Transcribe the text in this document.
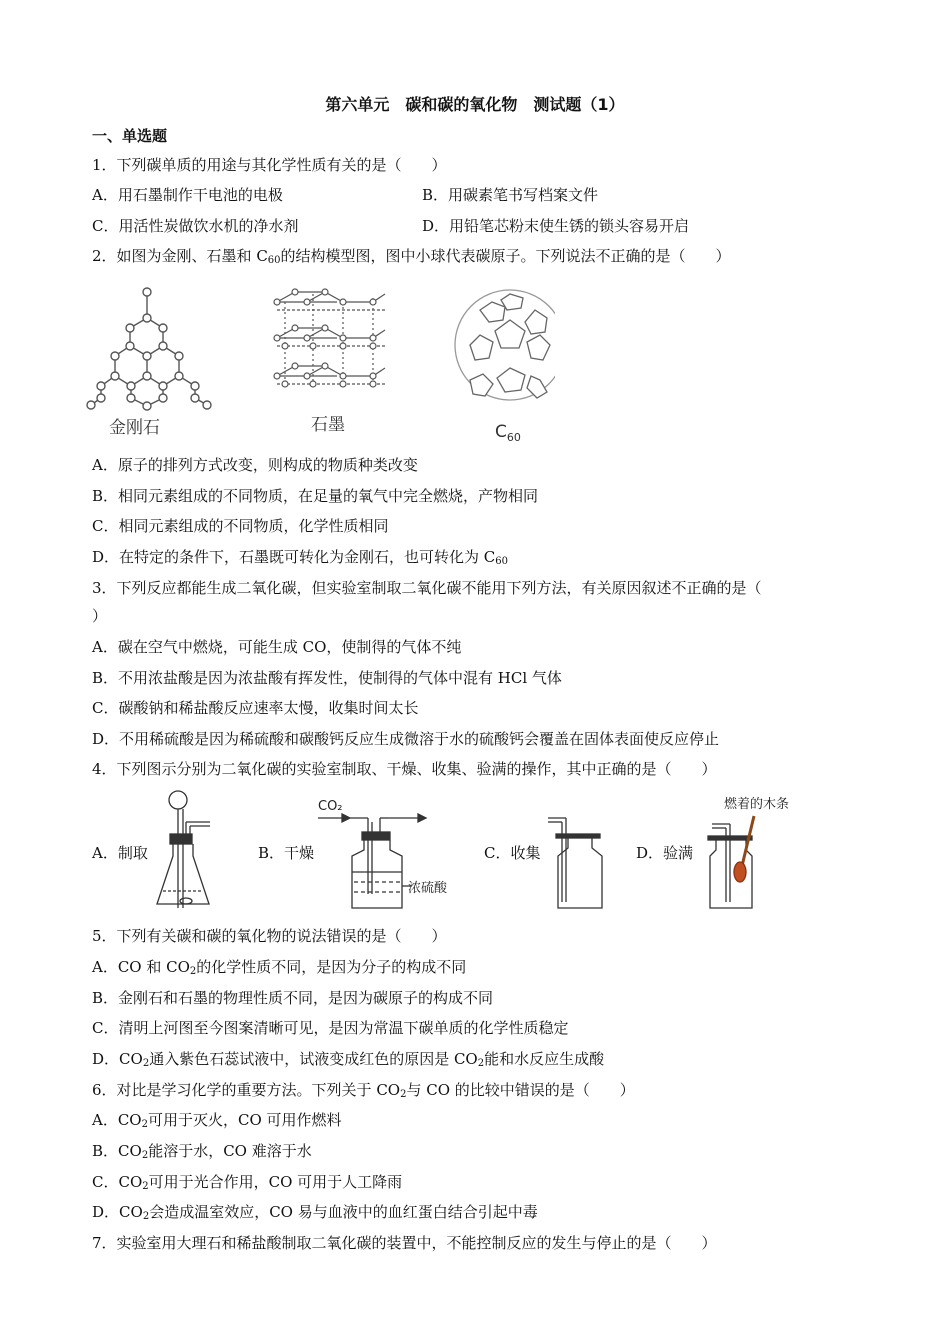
第六单元　碳和碳的氧化物　测试题（1）
一、单选题
1．下列碳单质的用途与其化学性质有关的是（　　）
A．用石墨制作干电池的电极	B．用碳素笔书写档案文件
C．用活性炭做饮水机的净水剂	D．用铅笔芯粉末使生锈的锁头容易开启
2．如图为金刚、石墨和 $C_{60}$的结构模型图，图中小球代表碳原子。下列说法不正确的是（　　）
金刚石	石墨	$C_{60}$
A．原子的排列方式改变，则构成的物质种类改变
B．相同元素组成的不同物质，在足量的氧气中完全燃烧，产物相同
C．相同元素组成的不同物质，化学性质相同
D．在特定的条件下，石墨既可转化为金刚石，也可转化为 $C_{60}$
3．下列反应都能生成二氧化碳，但实验室制取二氧化碳不能用下列方法，有关原因叙述不正确的是（
）
A．碳在空气中燃烧，可能生成 CO，使制得的气体不纯
B．不用浓盐酸是因为浓盐酸有挥发性，使制得的气体中混有 HCl 气体
C．碳酸钠和稀盐酸反应速率太慢，收集时间太长
D．不用稀硫酸是因为稀硫酸和碳酸钙反应生成微溶于水的硫酸钙会覆盖在固体表面使反应停止
4．下列图示分别为二氧化碳的实验室制取、干燥、收集、验满的操作，其中正确的是（　　）
A．制取	B．干燥	C．收集	D．验满
CO₂
浓硫酸
燃着的木条
5．下列有关碳和碳的氧化物的说法错误的是（　　）
A．CO 和 $CO_2$的化学性质不同，是因为分子的构成不同
B．金刚石和石墨的物理性质不同，是因为碳原子的构成不同
C．清明上河图至今图案清晰可见，是因为常温下碳单质的化学性质稳定
D．$CO_2$通入紫色石蕊试液中，试液变成红色的原因是 $CO_2$能和水反应生成酸
6．对比是学习化学的重要方法。下列关于 $CO_2$与 CO 的比较中错误的是（　　）
A．$CO_2$可用于灭火，CO 可用作燃料
B．$CO_2$能溶于水，CO 难溶于水
C．$CO_2$可用于光合作用，CO 可用于人工降雨
D．$CO_2$会造成温室效应，CO 易与血液中的血红蛋白结合引起中毒
7．实验室用大理石和稀盐酸制取二氧化碳的装置中，不能控制反应的发生与停止的是（　　）
